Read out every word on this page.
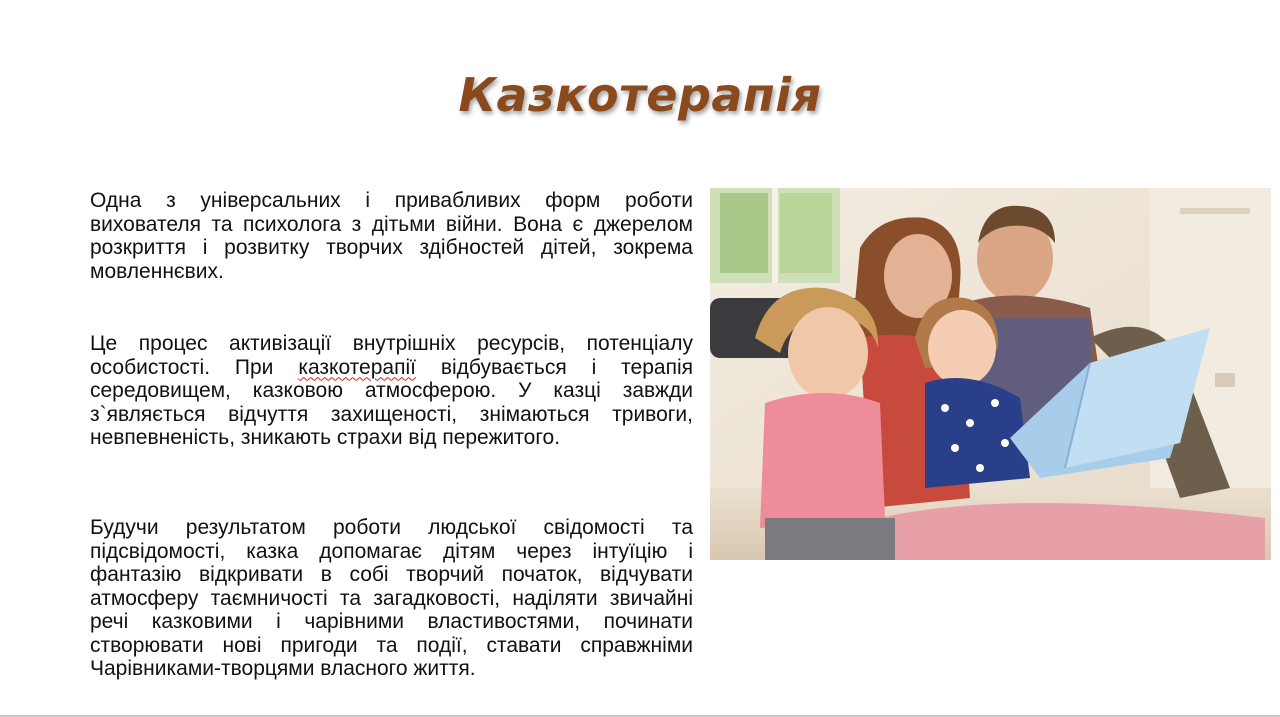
Казкотерапія

Одна з універсальних і привабливих форм роботи вихователя та психолога з дітьми війни. Вона є джерелом розкриття і розвитку творчих здібностей дітей, зокрема мовленнєвих.

Це процес активізації внутрішніх ресурсів, потенціалу особистості. При казкотерапії відбувається і терапія середовищем, казковою атмосферою. У казці завжди з`являється відчуття захищеності, знімаються тривоги, невпевненість, зникають страхи від пережитого.

Будучи результатом роботи людської свідомості та підсвідомості, казка допомагає дітям через інтуїцію і фантазію відкривати в собі творчий початок, відчувати атмосферу таємничості та загадковості, наділяти звичайні речі казковими і чарівними властивостями, починати створювати нові пригоди та події, ставати справжніми Чарівниками-творцями власного життя.
